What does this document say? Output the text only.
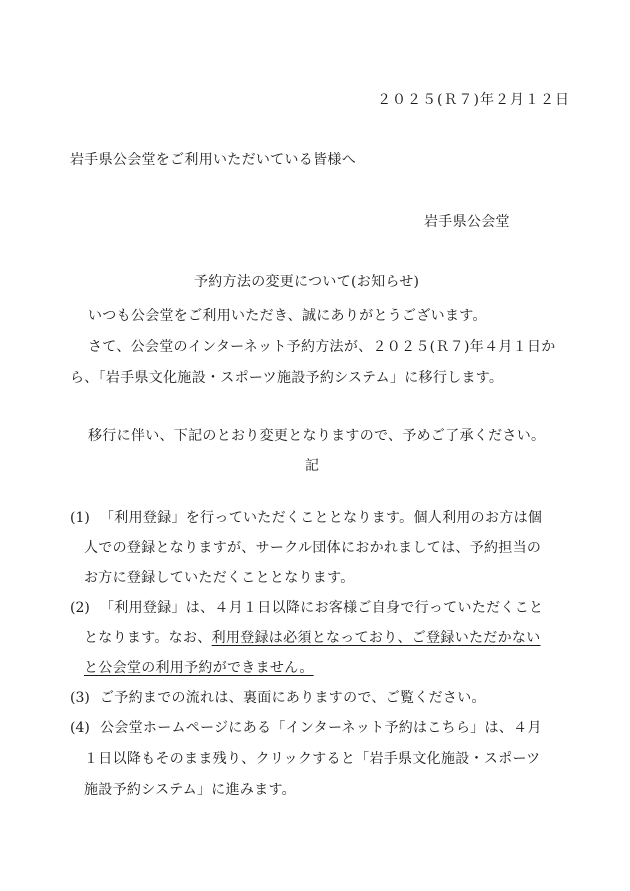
２０２５(Ｒ７)年２月１２日
岩手県公会堂をご利用いただいている皆様へ
岩手県公会堂
予約方法の変更について(お知らせ)
いつも公会堂をご利用いただき、誠にありがとうございます。
さて、公会堂のインターネット予約方法が、２０２５(Ｒ７)年４月１日か
ら、「岩手県文化施設・スポーツ施設予約システム」に移行します。
移行に伴い、下記のとおり変更となりますので、予めご了承ください。
記
(1) 「利用登録」を行っていただくこととなります。個人利用のお方は個
人での登録となりますが、サークル団体におかれましては、予約担当の
お方に登録していただくこととなります。
(2) 「利用登録」は、４月１日以降にお客様ご自身で行っていただくこと
となります。なお、利用登録は必須となっており、ご登録いただかない
と公会堂の利用予約ができません。
(3) ご予約までの流れは、裏面にありますので、ご覧ください。
(4) 公会堂ホームページにある「インターネット予約はこちら」は、４月
１日以降もそのまま残り、クリックすると「岩手県文化施設・スポーツ
施設予約システム」に進みます。
